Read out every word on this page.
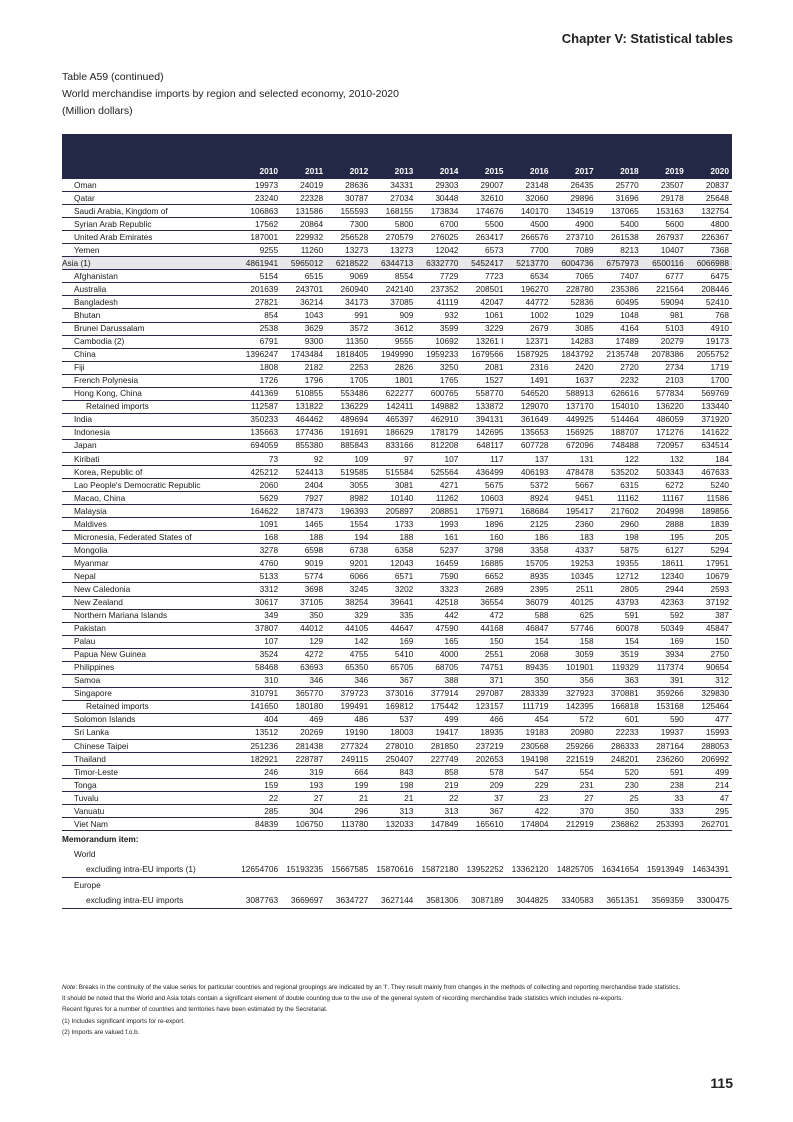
Chapter V: Statistical tables
Table A59 (continued)
World merchandise imports by region and selected economy, 2010-2020
(Million dollars)

	2010	2011	2012	2013	2014	2015	2016	2017	2018	2019	2020
Oman	19973	24019	28636	34331	29303	29007	23148	26435	25770	23507	20837
Qatar	23240	22328	30787	27034	30448	32610	32060	29896	31696	29178	25648
Saudi Arabia, Kingdom of	106863	131586	155593	168155	173834	174676	140170	134519	137065	153163	132754
Syrian Arab Republic	17562	20864	7300	5800	6700	5500	4500	4900	5400	5600	4800
United Arab Emirates	187001	229932	256528	270579	276025	263417	266576	273710	261538	267937	226367
Yemen	9255	11260	13273	13273	12042	6573	7700	7089	8213	10407	7368
Asia (1)	4861941	5965012	6218522	6344713	6332770	5452417	5213770	6004736	6757973	6500116	6066988
Afghanistan	5154	6515	9069	8554	7729	7723	6534	7065	7407	6777	6475
Australia	201639	243701	260940	242140	237352	208501	196270	228780	235386	221564	208446
Bangladesh	27821	36214	34173	37085	41119	42047	44772	52836	60495	59094	52410
Bhutan	854	1043	991	909	932	1061	1002	1029	1048	981	768
Brunei Darussalam	2538	3629	3572	3612	3599	3229	2679	3085	4164	5103	4910
Cambodia (2)	6791	9300	11350	9555	10692	13261 I	12371	14283	17489	20279	19173
China	1396247	1743484	1818405	1949990	1959233	1679566	1587925	1843792	2135748	2078386	2055752
Fiji	1808	2182	2253	2826	3250	2081	2316	2420	2720	2734	1719
French Polynesia	1726	1796	1705	1801	1765	1527	1491	1637	2232	2103	1700
Hong Kong, China	441369	510855	553486	622277	600765	558770	546520	588913	626616	577834	569769
Retained imports	112587	131822	136229	142411	149882	133872	129070	137170	154010	136220	133440
India	350233	464462	489694	465397	462910	394131	361649	449925	514464	486059	371920
Indonesia	135663	177436	191691	186629	178179	142695	135653	156925	188707	171276	141622
Japan	694059	855380	885843	833166	812208	648117	607728	672096	748488	720957	634514
Kiribati	73	92	109	97	107	117	137	131	122	132	184
Korea, Republic of	425212	524413	519585	515584	525564	436499	406193	478478	535202	503343	467633
Lao People's Democratic Republic	2060	2404	3055	3081	4271	5675	5372	5667	6315	6272	5240
Macao, China	5629	7927	8982	10140	11262	10603	8924	9451	11162	11167	11586
Malaysia	164622	187473	196393	205897	208851	175971	168684	195417	217602	204998	189856
Maldives	1091	1465	1554	1733	1993	1896	2125	2360	2960	2888	1839
Micronesia, Federated States of	168	188	194	188	161	160	186	183	198	195	205
Mongolia	3278	6598	6738	6358	5237	3798	3358	4337	5875	6127	5294
Myanmar	4760	9019	9201	12043	16459	16885	15705	19253	19355	18611	17951
Nepal	5133	5774	6066	6571	7590	6652	8935	10345	12712	12340	10679
New Caledonia	3312	3698	3245	3202	3323	2689	2395	2511	2805	2944	2593
New Zealand	30617	37105	38254	39641	42518	36554	36079	40125	43793	42363	37192
Northern Mariana Islands	349	350	329	335	442	472	588	625	591	592	387
Pakistan	37807	44012	44105	44647	47590	44168	46847	57746	60078	50349	45847
Palau	107	129	142	169	165	150	154	158	154	169	150
Papua New Guinea	3524	4272	4755	5410	4000	2551	2068	3059	3519	3934	2750
Philippines	58468	63693	65350	65705	68705	74751	89435	101901	119329	117374	90654
Samoa	310	346	346	367	388	371	350	356	363	391	312
Singapore	310791	365770	379723	373016	377914	297087	283339	327923	370881	359266	329830
Retained imports	141650	180180	199491	169812	175442	123157	111719	142395	166818	153168	125464
Solomon Islands	404	469	486	537	499	466	454	572	601	590	477
Sri Lanka	13512	20269	19190	18003	19417	18935	19183	20980	22233	19937	15993
Chinese Taipei	251236	281438	277324	278010	281850	237219	230568	259266	286333	287164	288053
Thailand	182921	228787	249115	250407	227749	202653	194198	221519	248201	236260	206992
Timor-Leste	246	319	664	843	858	578	547	554	520	591	499
Tonga	159	193	199	198	219	209	229	231	230	238	214
Tuvalu	22	27	21	21	22	37	23	27	25	33	47
Vanuatu	285	304	296	313	313	367	422	370	350	333	295
Viet Nam	84839	106750	113780	132033	147849	165610	174804	212919	236862	253393	262701
Memorandum item:											
World											
excluding intra-EU imports (1)	12654706	15193235	15667585	15870616	15872180	13952252	13362120	14825705	16341654	15913949	14634391
Europe											
excluding intra-EU imports	3087763	3669697	3634727	3627144	3581306	3087189	3044825	3340583	3651351	3569359	3300475

Note: Breaks in the continuity of the value series for particular countries and regional groupings are indicated by an 'I'. They result mainly from changes in the methods of collecting and reporting merchandise trade statistics.

It should be noted that the World and Asia totals contain a significant element of double counting due to the use of the general system of recording merchandise trade statistics which includes re-exports.

Recent figures for a number of countries and territories have been estimated by the Secretariat.

(1) Includes significant imports for re-export.

(2) Imports are valued f.o.b.

115
